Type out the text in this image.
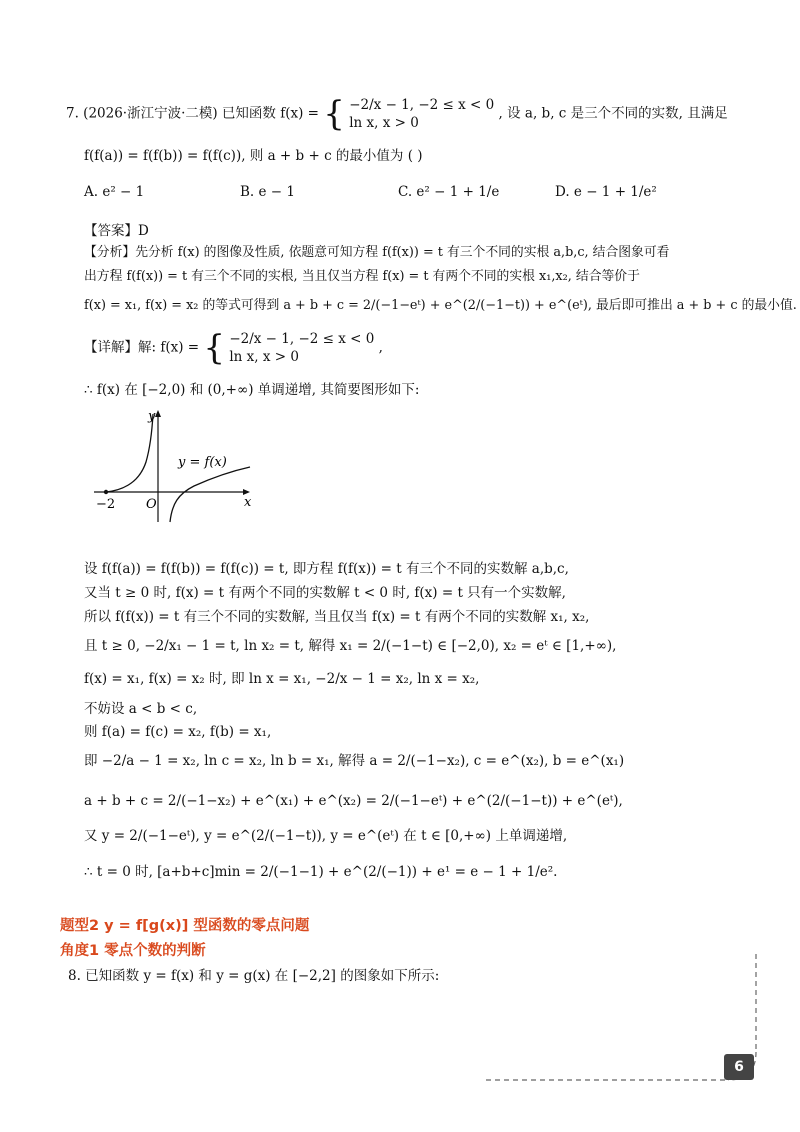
7. (2026·浙江宁波·二模) 已知函数 f(x) = { −2/x − 1, −2 ≤ x < 0
ln x, x > 0
, 设 a, b, c 是三个不同的实数, 且满足
f(f(a)) = f(f(b)) = f(f(c)), 则 a + b + c 的最小值为 ( )
A. e² − 1	B. e − 1	C. e² − 1 + 1/e	D. e − 1 + 1/e²
【答案】D
【分析】先分析 f(x) 的图像及性质, 依题意可知方程 f(f(x)) = t 有三个不同的实根 a,b,c, 结合图象可看
出方程 f(f(x)) = t 有三个不同的实根, 当且仅当方程 f(x) = t 有两个不同的实根 x₁,x₂, 结合等价于
f(x) = x₁, f(x) = x₂ 的等式可得到 a + b + c = 2/(−1−eᵗ) + e^(2/(−1−t)) + e^(eᵗ), 最后即可推出 a + b + c 的最小值.
【详解】解: f(x) = { −2/x − 1, −2 ≤ x < 0
ln x, x > 0
,
∴ f(x) 在 [−2,0) 和 (0,+∞) 单调递增, 其简要图形如下:
y = f(x)
x
y
O
−2
设 f(f(a)) = f(f(b)) = f(f(c)) = t, 即方程 f(f(x)) = t 有三个不同的实数解 a,b,c,
又当 t ≥ 0 时, f(x) = t 有两个不同的实数解 t < 0 时, f(x) = t 只有一个实数解,
所以 f(f(x)) = t 有三个不同的实数解, 当且仅当 f(x) = t 有两个不同的实数解 x₁, x₂,
且 t ≥ 0, −2/x₁ − 1 = t, ln x₂ = t, 解得 x₁ = 2/(−1−t) ∈ [−2,0), x₂ = eᵗ ∈ [1,+∞),
f(x) = x₁, f(x) = x₂ 时, 即 ln x = x₁, −2/x − 1 = x₂, ln x = x₂,
不妨设 a < b < c,
则 f(a) = f(c) = x₂, f(b) = x₁,
即 −2/a − 1 = x₂, ln c = x₂, ln b = x₁, 解得 a = 2/(−1−x₂), c = e^(x₂), b = e^(x₁)
a + b + c = 2/(−1−x₂) + e^(x₁) + e^(x₂) = 2/(−1−eᵗ) + e^(2/(−1−t)) + e^(eᵗ),
又 y = 2/(−1−eᵗ), y = e^(2/(−1−t)), y = e^(eᵗ) 在 t ∈ [0,+∞) 上单调递增,
∴ t = 0 时, [a+b+c]min = 2/(−1−1) + e^(2/(−1)) + e¹ = e − 1 + 1/e².
题型2 y = f[g(x)] 型函数的零点问题
角度1 零点个数的判断
8. 已知函数 y = f(x) 和 y = g(x) 在 [−2,2] 的图象如下所示:
6
